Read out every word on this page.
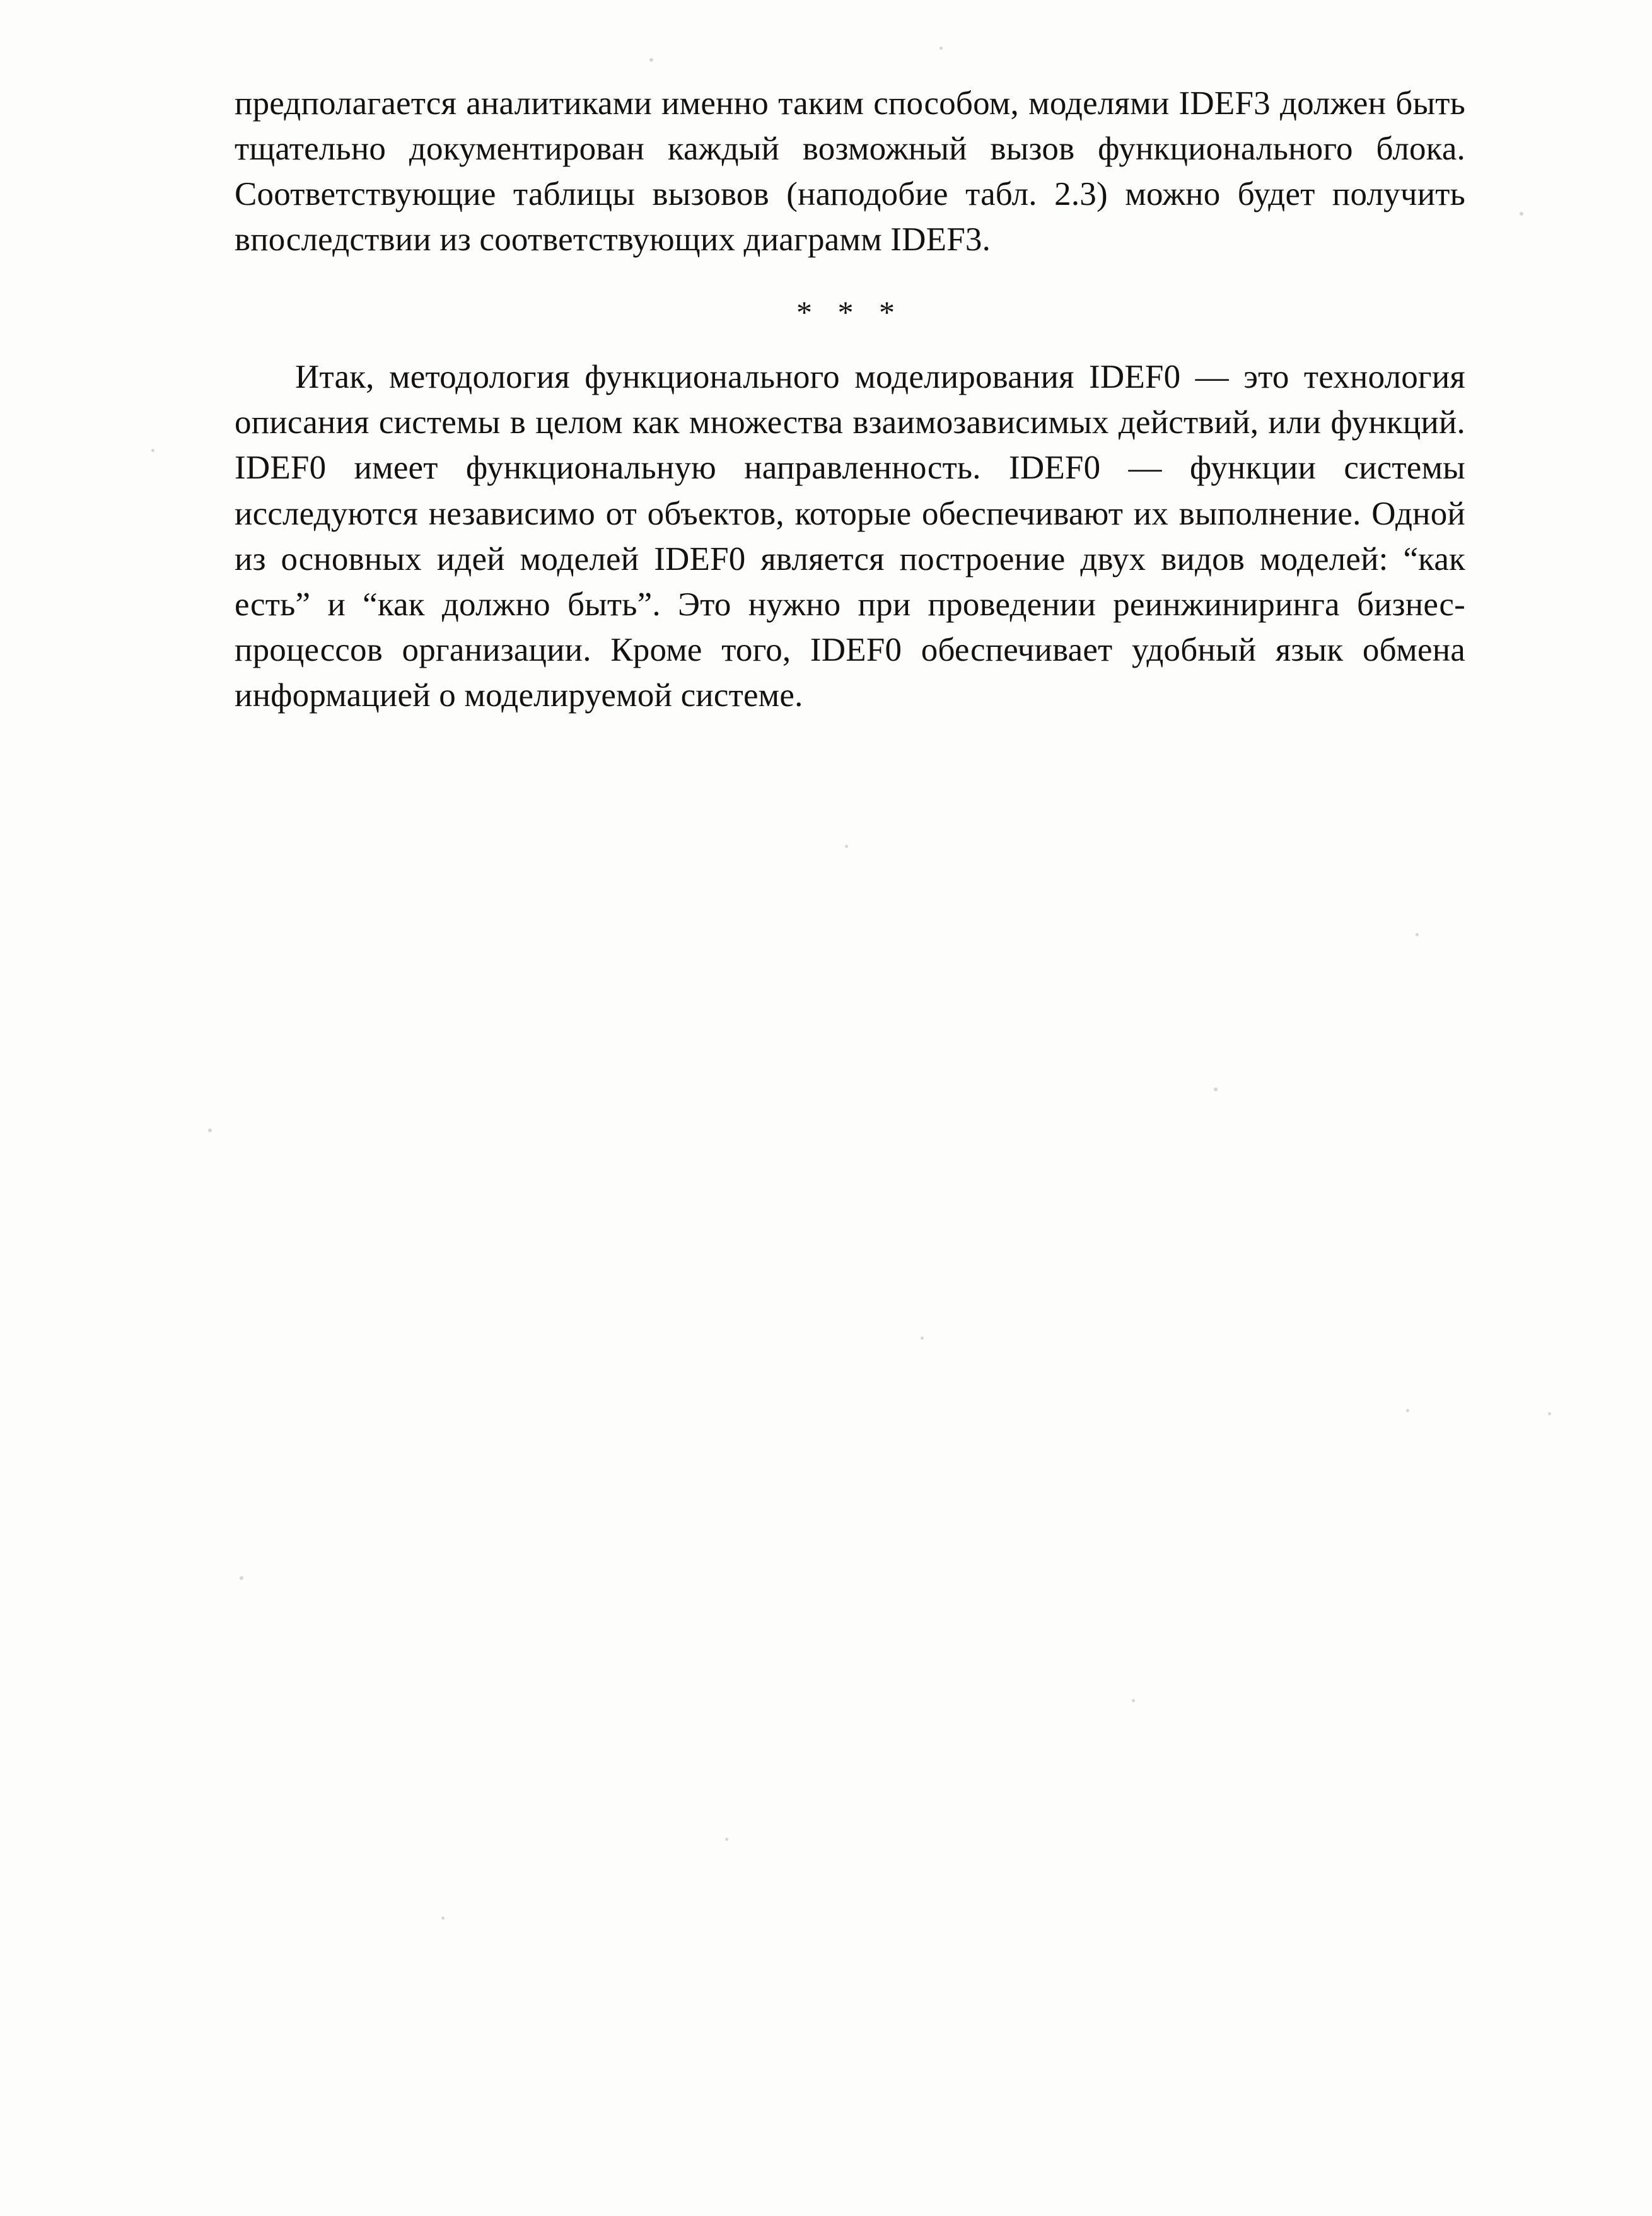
предполагается аналитиками именно таким способом, моделями IDEF3 должен быть тщательно документирован каждый возможный вызов функционального блока. Соответствующие таблицы вызовов (наподобие табл. 2.3) можно будет получить впоследствии из соответствующих диаграмм IDEF3.

* * *

Итак, методология функционального моделирования IDEF0 — это технология описания системы в целом как множества взаимозависимых действий, или функций. IDEF0 имеет функциональную направленность. IDEF0 — функции системы исследуются независимо от объектов, которые обеспечивают их выполнение. Одной из основных идей моделей IDEF0 является построение двух видов моделей: “как есть” и “как должно быть”. Это нужно при проведении реинжиниринга бизнес-процессов организации. Кроме того, IDEF0 обеспечивает удобный язык обмена информацией о моделируемой системе.
